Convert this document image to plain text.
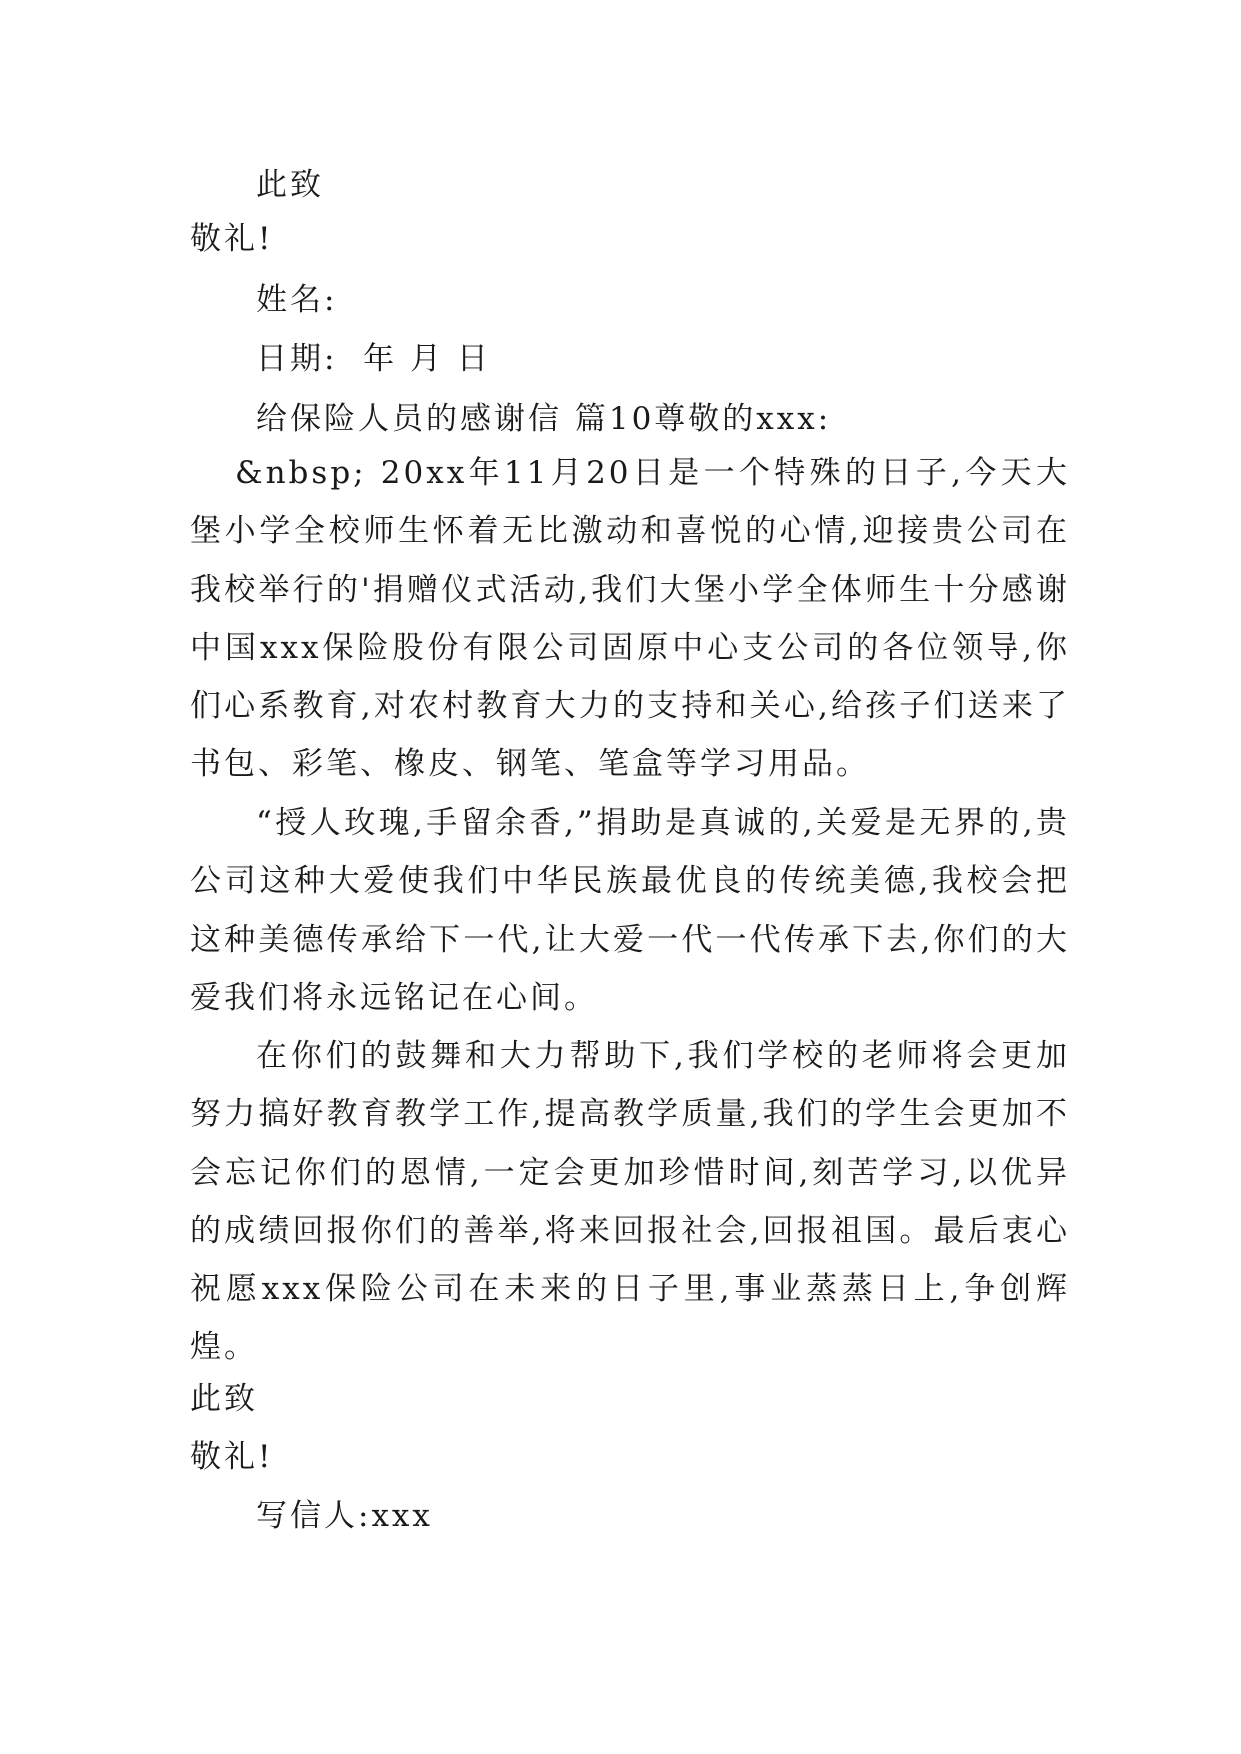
此致
敬礼!
姓名:
日期:  年 月 日
给保险人员的感谢信 篇10尊敬的xxx:

&nbsp; 20xx年11月20日是一个特殊的日子,今天大堡小学全校师生怀着无比激动和喜悦的心情,迎接贵公司在我校举行的'捐赠仪式活动,我们大堡小学全体师生十分感谢中国xxx保险股份有限公司固原中心支公司的各位领导,你们心系教育,对农村教育大力的支持和关心,给孩子们送来了书包、彩笔、橡皮、钢笔、笔盒等学习用品。

“授人玫瑰,手留余香,”捐助是真诚的,关爱是无界的,贵公司这种大爱使我们中华民族最优良的传统美德,我校会把这种美德传承给下一代,让大爱一代一代传承下去,你们的大爱我们将永远铭记在心间。

在你们的鼓舞和大力帮助下,我们学校的老师将会更加努力搞好教育教学工作,提高教学质量,我们的学生会更加不会忘记你们的恩情,一定会更加珍惜时间,刻苦学习,以优异的成绩回报你们的善举,将来回报社会,回报祖国。最后衷心祝愿xxx保险公司在未来的日子里,事业蒸蒸日上,争创辉煌。

此致
敬礼!
写信人:xxx
